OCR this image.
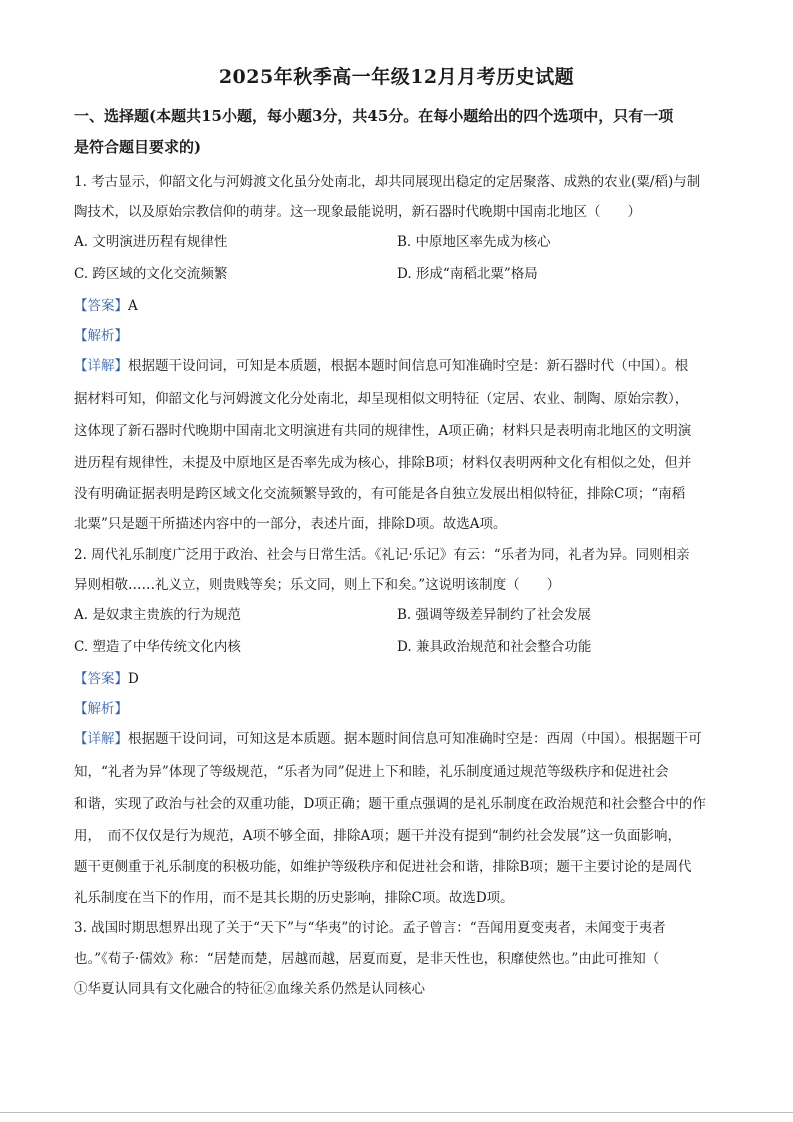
2025年秋季高一年级12月月考历史试题
一、选择题(本题共15小题，每小题3分，共45分。在每小题给出的四个选项中，只有一项
是符合题目要求的)
1. 考古显示，仰韶文化与河姆渡文化虽分处南北，却共同展现出稳定的定居聚落、成熟的农业(粟/稻)与制
陶技术，以及原始宗教信仰的萌芽。这一现象最能说明，新石器时代晚期中国南北地区（　　）
A. 文明演进历程有规律性	B. 中原地区率先成为核心
C. 跨区域的文化交流频繁	D. 形成“南稻北粟”格局
【答案】A
【解析】
【详解】根据题干设问词，可知是本质题，根据本题时间信息可知准确时空是：新石器时代（中国）。根
据材料可知，仰韶文化与河姆渡文化分处南北，却呈现相似文明特征（定居、农业、制陶、原始宗教），
这体现了新石器时代晚期中国南北文明演进有共同的规律性，A项正确；材料只是表明南北地区的文明演
进历程有规律性，未提及中原地区是否率先成为核心，排除B项；材料仅表明两种文化有相似之处，但并
没有明确证据表明是跨区域文化交流频繁导致的，有可能是各自独立发展出相似特征，排除C项；“南稻
北粟”只是题干所描述内容中的一部分，表述片面，排除D项。故选A项。
2. 周代礼乐制度广泛用于政治、社会与日常生活。《礼记·乐记》有云：“乐者为同，礼者为异。同则相亲
异则相敬……礼义立，则贵贱等矣；乐文同，则上下和矣。”这说明该制度（　　）
A. 是奴隶主贵族的行为规范	B. 强调等级差异制约了社会发展
C. 塑造了中华传统文化内核	D. 兼具政治规范和社会整合功能
【答案】D
【解析】
【详解】根据题干设问词，可知这是本质题。据本题时间信息可知准确时空是：西周（中国）。根据题干可
知，“礼者为异”体现了等级规范，“乐者为同”促进上下和睦，礼乐制度通过规范等级秩序和促进社会
和谐，实现了政治与社会的双重功能，D项正确；题干重点强调的是礼乐制度在政治规范和社会整合中的作
用，　而不仅仅是行为规范，A项不够全面，排除A项；题干并没有提到“制约社会发展”这一负面影响，
题干更侧重于礼乐制度的积极功能，如维护等级秩序和促进社会和谐，排除B项；题干主要讨论的是周代
礼乐制度在当下的作用，而不是其长期的历史影响，排除C项。故选D项。
3. 战国时期思想界出现了关于“天下”与“华夷”的讨论。孟子曾言：“吾闻用夏变夷者，未闻变于夷者
也。”《荀子·儒效》称：“居楚而楚，居越而越，居夏而夏，是非天性也，积靡使然也。”由此可推知（
①华夏认同具有文化融合的特征②血缘关系仍然是认同核心
